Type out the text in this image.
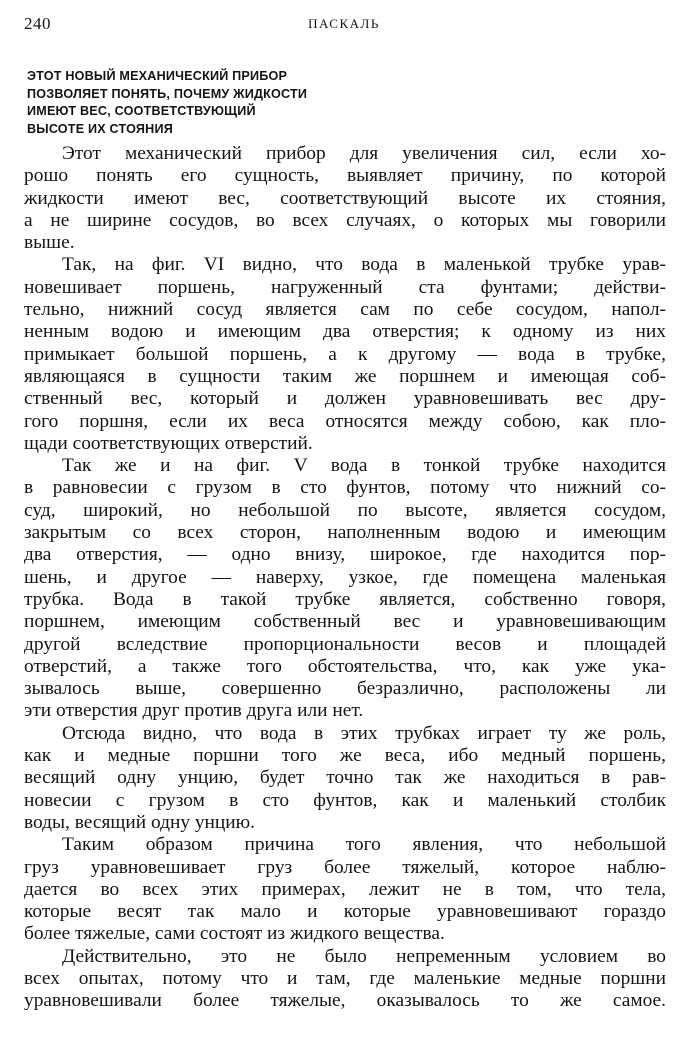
240	ПАСКАЛЬ
ЭТОТ НОВЫЙ МЕХАНИЧЕСКИЙ ПРИБОР
ПОЗВОЛЯЕТ ПОНЯТЬ, ПОЧЕМУ ЖИДКОСТИ
ИМЕЮТ ВЕС, СООТВЕТСТВУЮЩИЙ
ВЫСОТЕ ИХ СТОЯНИЯ
Этот механический прибор для увеличения сил, если хо-
рошо понять его сущность, выявляет причину, по которой
жидкости имеют вес, соответствующий высоте их стояния,
а не ширине сосудов, во всех случаях, о которых мы говорили
выше.
Так, на фиг. VI видно, что вода в маленькой трубке урав-
новешивает поршень, нагруженный ста фунтами; действи-
тельно, нижний сосуд является сам по себе сосудом, напол-
ненным водою и имеющим два отверстия; к одному из них
примыкает большой поршень, а к другому — вода в трубке,
являющаяся в сущности таким же поршнем и имеющая соб-
ственный вес, который и должен уравновешивать вес дру-
гого поршня, если их веса относятся между собою, как пло-
щади соответствующих отверстий.
Так же и на фиг. V вода в тонкой трубке находится
в равновесии с грузом в сто фунтов, потому что нижний со-
суд, широкий, но небольшой по высоте, является сосудом,
закрытым со всех сторон, наполненным водою и имеющим
два отверстия, — одно внизу, широкое, где находится пор-
шень, и другое — наверху, узкое, где помещена маленькая
трубка. Вода в такой трубке является, собственно говоря,
поршнем, имеющим собственный вес и уравновешивающим
другой вследствие пропорциональности весов и площадей
отверстий, а также того обстоятельства, что, как уже ука-
зывалось выше, совершенно безразлично, расположены ли
эти отверстия друг против друга или нет.
Отсюда видно, что вода в этих трубках играет ту же роль,
как и медные поршни того же веса, ибо медный поршень,
весящий одну унцию, будет точно так же находиться в рав-
новесии с грузом в сто фунтов, как и маленький столбик
воды, весящий одну унцию.
Таким образом причина того явления, что небольшой
груз уравновешивает груз более тяжелый, которое наблю-
дается во всех этих примерах, лежит не в том, что тела,
которые весят так мало и которые уравновешивают гораздо
более тяжелые, сами состоят из жидкого вещества.
Действительно, это не было непременным условием во
всех опытах, потому что и там, где маленькие медные поршни
уравновешивали более тяжелые, оказывалось то же самое.
